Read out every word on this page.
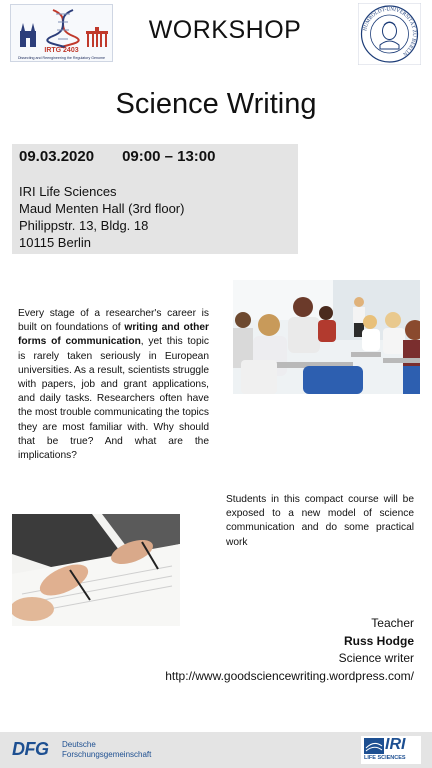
IRTG 2403
Dissecting and Reengineering the Regulatory Genome
WORKSHOP	HUMBOLDT-UNIVERSITÄT ZU BERLIN
Science Writing
09.03.2020 09:00 – 13:00
IRI Life Sciences
Maud Menten Hall (3rd floor)
Philippstr. 13, Bldg. 18
10115 Berlin
Every stage of a researcher's career is built on foundations of writing and other forms of communication, yet this topic is rarely taken seriously in European universities. As a result, scientists struggle with papers, job and grant applications, and daily tasks. Researchers often have the most trouble communicating the topics they are most familiar with. Why should that be true? And what are the implications?
Students in this compact course will be exposed to a new model of science communication and do some practical work
Teacher
Russ Hodge
Science writer
http://www.goodsciencewriting.wordpress.com/
DFG Deutsche
Forschungsgemeinschaft
IRI
LIFE SCIENCES
